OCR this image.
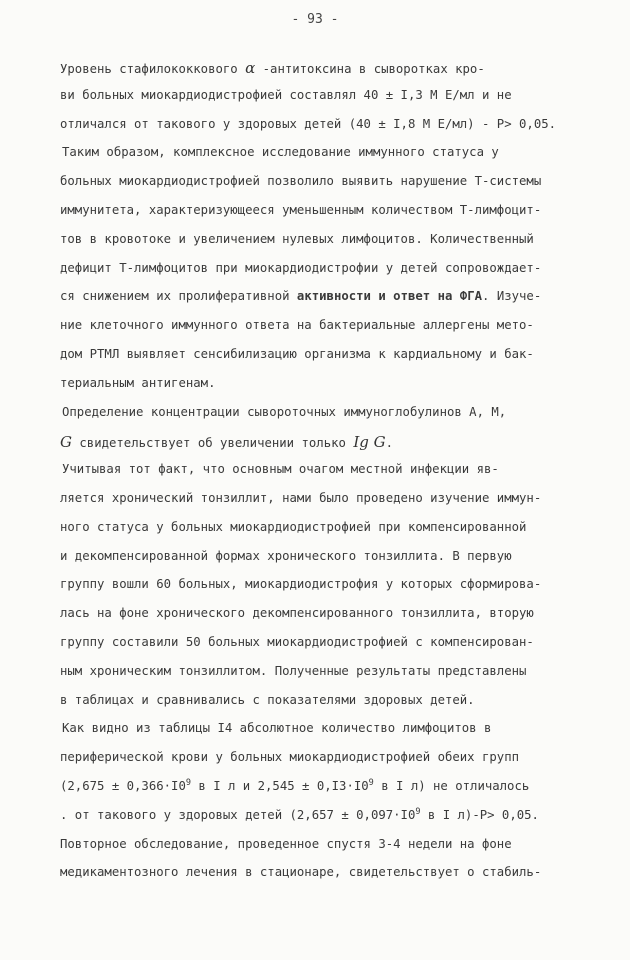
- 93 -
Уровень стафилококкового α -антитоксина в сыворотках кро-
ви больных миокардиодистрофией составлял 40 ± I,3 М Е/мл и не
отличался от такового у здоровых детей (40 ± I,8 М Е/мл) - Р> 0,05.
Таким образом, комплексное исследование иммунного статуса у
больных миокардиодистрофией позволило выявить нарушение Т-системы
иммунитета, характеризующееся уменьшенным количеством Т-лимфоцит-
тов в кровотоке и увеличением нулевых лимфоцитов. Количественный
дефицит Т-лимфоцитов при миокардиодистрофии у детей сопровождает-
ся снижением их пролиферативной активности и ответ на ФГА. Изуче-
ние клеточного иммунного ответа на бактериальные аллергены мето-
дом РТМЛ выявляет сенсибилизацию организма к кардиальному и бак-
териальным антигенам.
Определение концентрации сывороточных иммуноглобулинов А, М,
G свидетельствует об увеличении только Ig G.
Учитывая тот факт, что основным очагом местной инфекции яв-
ляется хронический тонзиллит, нами было проведено изучение иммун-
ного статуса у больных миокардиодистрофией при компенсированной
и декомпенсированной формах хронического тонзиллита. В первую
группу вошли 60 больных, миокардиодистрофия у которых сформирова-
лась на фоне хронического декомпенсированного тонзиллита, вторую
группу составили 50 больных миокардиодистрофией с компенсирован-
ным хроническим тонзиллитом. Полученные результаты представлены
в таблицах и сравнивались с показателями здоровых детей.
Как видно из таблицы I4 абсолютное количество лимфоцитов в
периферической крови у больных миокардиодистрофией обеих групп
($2,675 \pm 0,366\cdot I0^9$ в I л и $2,545 \pm 0,I3\cdot I0^9$ в I л) не отличалось
. от такового у здоровых детей ($2,657 \pm 0,097\cdot I0^9$ в I л)-Р> 0,05.
Повторное обследование, проведенное спустя 3-4 недели на фоне
медикаментозного лечения в стационаре, свидетельствует о стабиль-
